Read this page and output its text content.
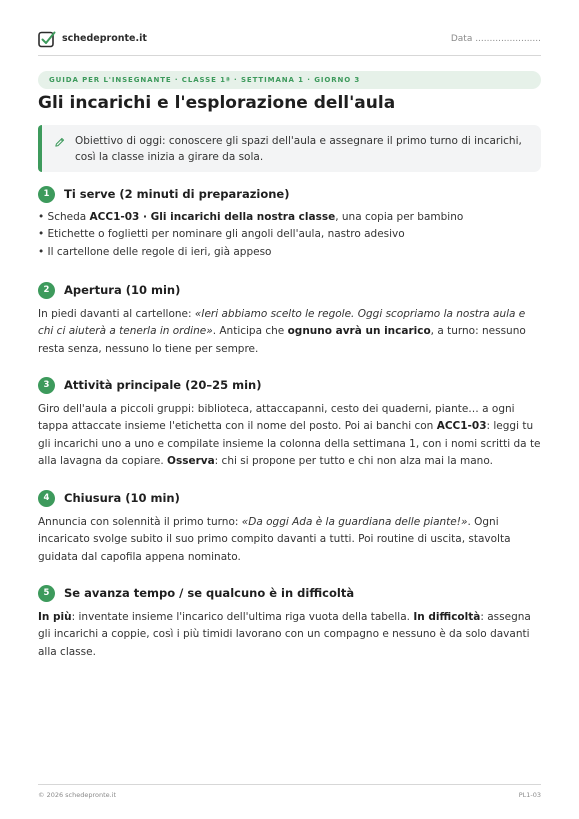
schedepronte.it	Data .......................
GUIDA PER L'INSEGNANTE · CLASSE 1ª · SETTIMANA 1 · GIORNO 3
Gli incarichi e l'esplorazione dell'aula
Obiettivo di oggi: conoscere gli spazi dell'aula e assegnare il primo turno di incarichi,
così la classe inizia a girare da sola.
1	Ti serve (2 minuti di preparazione)
• Scheda ACC1-03 · Gli incarichi della nostra classe, una copia per bambino
• Etichette o foglietti per nominare gli angoli dell'aula, nastro adesivo
• Il cartellone delle regole di ieri, già appeso
2	Apertura (10 min)
In piedi davanti al cartellone: «Ieri abbiamo scelto le regole. Oggi scopriamo la nostra aula e chi ci aiuterà a tenerla in ordine». Anticipa che ognuno avrà un incarico, a turno: nessuno resta senza, nessuno lo tiene per sempre.
3	Attività principale (20–25 min)
Giro dell'aula a piccoli gruppi: biblioteca, attaccapanni, cesto dei quaderni, piante… a ogni tappa attaccate insieme l'etichetta con il nome del posto. Poi ai banchi con ACC1-03: leggi tu gli incarichi uno a uno e compilate insieme la colonna della settimana 1, con i nomi scritti da te alla lavagna da copiare. Osserva: chi si propone per tutto e chi non alza mai la mano.
4	Chiusura (10 min)
Annuncia con solennità il primo turno: «Da oggi Ada è la guardiana delle piante!». Ogni incaricato svolge subito il suo primo compito davanti a tutti. Poi routine di uscita, stavolta guidata dal capofila appena nominato.
5	Se avanza tempo / se qualcuno è in difficoltà
In più: inventate insieme l'incarico dell'ultima riga vuota della tabella. In difficoltà: assegna gli incarichi a coppie, così i più timidi lavorano con un compagno e nessuno è da solo davanti alla classe.
© 2026 schedepronte.it	PL1-03
